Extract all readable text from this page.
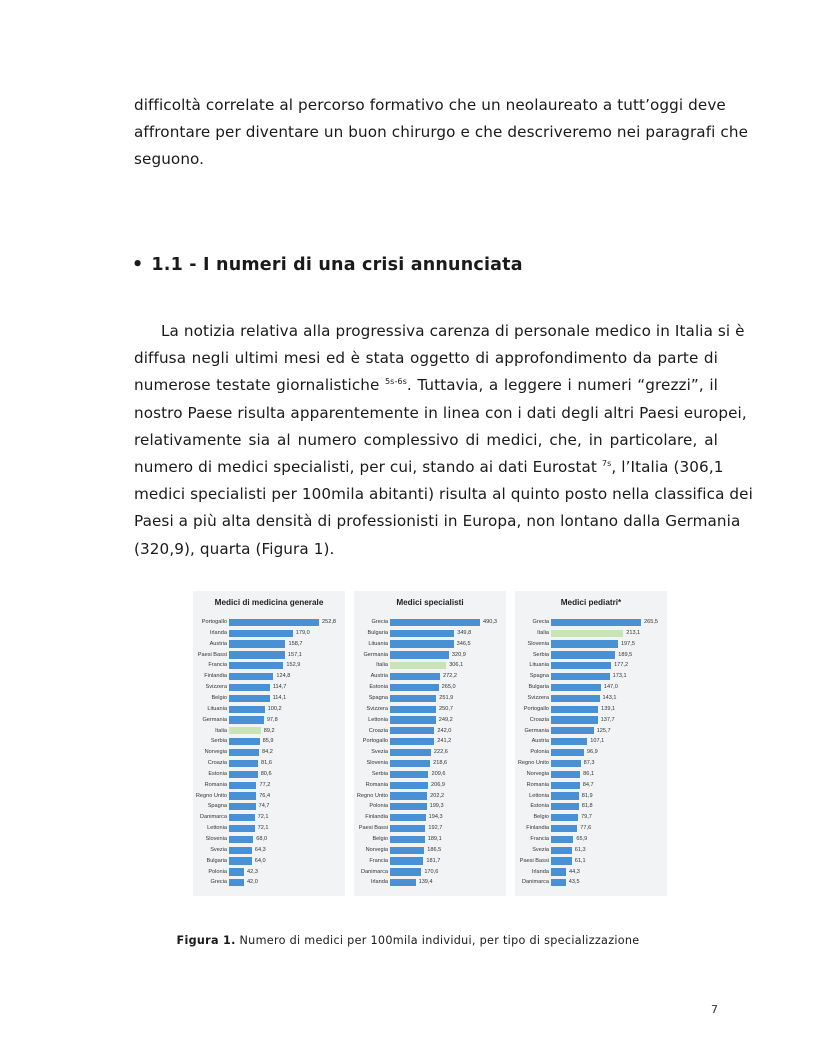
difficoltà correlate al percorso formativo che un neolaureato a tutt’oggi deve
affrontare per diventare un buon chirurgo e che descriveremo nei paragrafi che
seguono.
• 1.1 - I numeri di una crisi annunciata
La notizia relativa alla progressiva carenza di personale medico in Italia si è
diffusa negli ultimi mesi ed è stata oggetto di approfondimento da parte di
numerose testate giornalistiche $^{5s-6s}$. Tuttavia, a leggere i numeri “grezzi”, il
nostro Paese risulta apparentemente in linea con i dati degli altri Paesi europei,
relativamente sia al numero complessivo di medici, che, in particolare, al
numero di medici specialisti, per cui, stando ai dati Eurostat $^{7s}$, l’Italia (306,1
medici specialisti per 100mila abitanti) risulta al quinto posto nella classifica dei
Paesi a più alta densità di professionisti in Europa, non lontano dalla Germania
(320,9), quarta (Figura 1).
Medici di medicina generale
Portogallo	252,8
Irlanda	179,0
Austria	158,7
Paesi Bassi	157,1
Francia	152,9
Finlandia	124,8
Svizzera	114,7
Belgio	114,1
Lituania	100,2
Germania	97,8
Italia	89,2
Serbia	85,9
Norvegia	84,2
Croazia	81,6
Estonia	80,6
Romania	77,2
Regno Unito	76,4
Spagna	74,7
Danimarca	72,1
Lettonia	72,1
Slovenia	68,0
Svezia	64,3
Bulgaria	64,0
Polonia	42,3
Grecia	42,0
Medici specialisti
Grecia	490,3
Bulgaria	349,8
Lituania	346,5
Germania	320,9
Italia	306,1
Austria	272,2
Estonia	265,0
Spagna	251,9
Svizzera	250,7
Lettonia	249,2
Croazia	242,0
Portogallo	241,2
Svezia	222,6
Slovenia	218,6
Serbia	209,6
Romania	206,9
Regno Unito	202,2
Polonia	199,3
Finlandia	194,3
Paesi Bassi	192,7
Belgio	189,1
Norvegia	186,5
Francia	181,7
Danimarca	170,6
Irlanda	139,4
Medici pediatri*
Grecia	265,5
Italia	213,1
Slovenia	197,5
Serbia	189,5
Lituania	177,2
Spagna	173,1
Bulgaria	147,0
Svizzera	143,1
Portogallo	139,1
Croazia	137,7
Germania	125,7
Austria	107,1
Polonia	96,9
Regno Unito	87,3
Norvegia	86,1
Romania	84,7
Lettonia	81,9
Estonia	81,8
Belgio	79,7
Finlandia	77,6
Francia	65,9
Svezia	61,3
Paesi Bassi	61,1
Irlanda	44,3
Danimarca	43,5
Figura 1. Numero di medici per 100mila individui, per tipo di specializzazione
7
